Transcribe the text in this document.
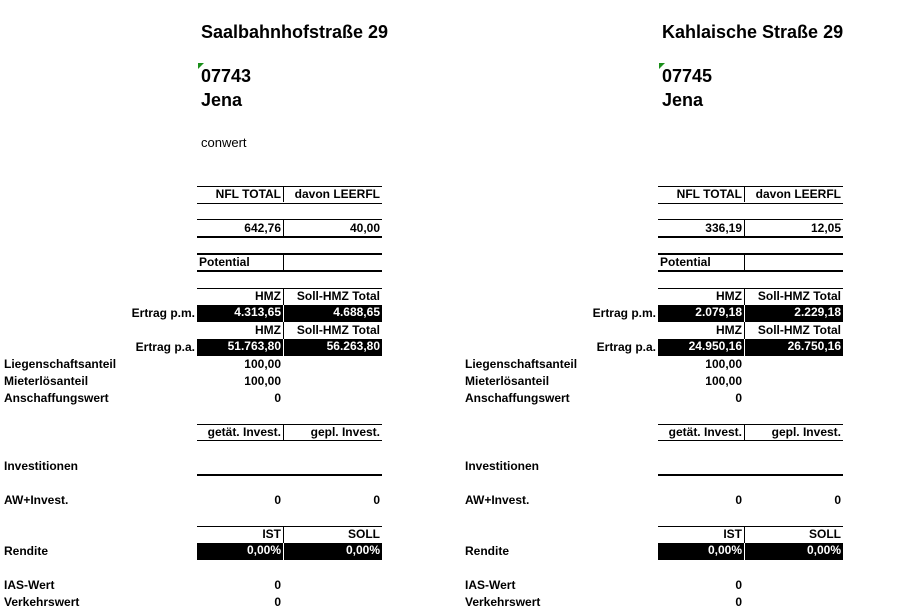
Saalbahnhofstraße 29
07743
Jena
conwert
NFL TOTAL	davon LEERFL
642,76	40,00
Potential
HMZ	Soll-HMZ Total
Ertrag p.m.	4.313,65	4.688,65
HMZ	Soll-HMZ Total
Ertrag p.a.	51.763,80	56.263,80
Liegenschaftsanteil	100,00
Mieterlösanteil	100,00
Anschaffungswert	0
getät. Invest.	gepl. Invest.
Investitionen
AW+Invest.	0	0
IST	SOLL
Rendite	0,00%	0,00%
IAS-Wert	0
Verkehrswert	0
Kahlaische Straße 29
07745
Jena
NFL TOTAL	davon LEERFL
336,19	12,05
Potential
HMZ	Soll-HMZ Total
Ertrag p.m.	2.079,18	2.229,18
HMZ	Soll-HMZ Total
Ertrag p.a.	24.950,16	26.750,16
Liegenschaftsanteil	100,00
Mieterlösanteil	100,00
Anschaffungswert	0
getät. Invest.	gepl. Invest.
Investitionen
AW+Invest.	0	0
IST	SOLL
Rendite	0,00%	0,00%
IAS-Wert	0
Verkehrswert	0
